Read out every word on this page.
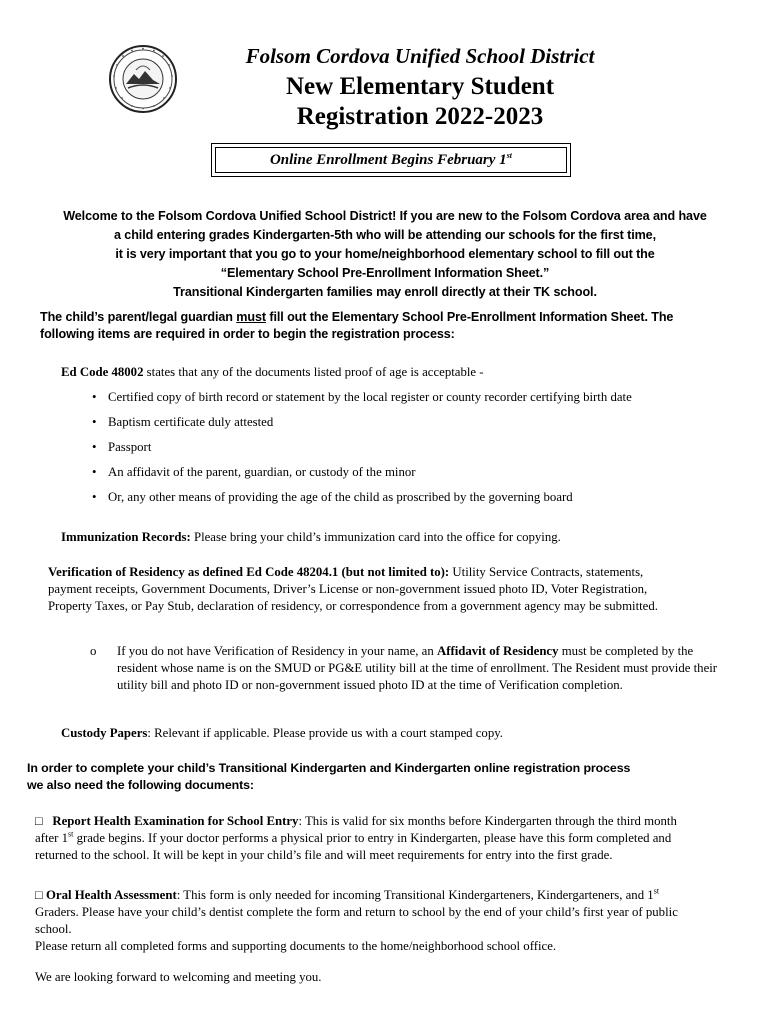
Folsom Cordova Unified School District
New Elementary Student
Registration 2022-2023
Online Enrollment Begins February 1st
Welcome to the Folsom Cordova Unified School District! If you are new to the Folsom Cordova area and have
a child entering grades Kindergarten-5th who will be attending our schools for the first time,
it is very important that you go to your home/neighborhood elementary school to fill out the
“Elementary School Pre-Enrollment Information Sheet.”
Transitional Kindergarten families may enroll directly at their TK school.
The child’s parent/legal guardian must fill out the Elementary School Pre-Enrollment Information Sheet. The following items are required in order to begin the registration process:
Ed Code 48002 states that any of the documents listed proof of age is acceptable -
• Certified copy of birth record or statement by the local register or county recorder certifying birth date
• Baptism certificate duly attested
• Passport
• An affidavit of the parent, guardian, or custody of the minor
• Or, any other means of providing the age of the child as proscribed by the governing board
Immunization Records: Please bring your child’s immunization card into the office for copying.
Verification of Residency as defined Ed Code 48204.1 (but not limited to): Utility Service Contracts, statements, payment receipts, Government Documents, Driver’s License or non-government issued photo ID, Voter Registration, Property Taxes, or Pay Stub, declaration of residency, or correspondence from a government agency may be submitted.
o If you do not have Verification of Residency in your name, an Affidavit of Residency must be completed by the resident whose name is on the SMUD or PG&E utility bill at the time of enrollment. The Resident must provide their utility bill and photo ID or non-government issued photo ID at the time of Verification completion.
Custody Papers: Relevant if applicable. Please provide us with a court stamped copy.
In order to complete your child’s Transitional Kindergarten and Kindergarten online registration process we also need the following documents:
□ Report Health Examination for School Entry: This is valid for six months before Kindergarten through the third month after 1st grade begins. If your doctor performs a physical prior to entry in Kindergarten, please have this form completed and returned to the school. It will be kept in your child’s file and will meet requirements for entry into the first grade.
□ Oral Health Assessment: This form is only needed for incoming Transitional Kindergarteners, Kindergarteners, and 1st Graders. Please have your child’s dentist complete the form and return to school by the end of your child’s first year of public school.
Please return all completed forms and supporting documents to the home/neighborhood school office.
We are looking forward to welcoming and meeting you.
